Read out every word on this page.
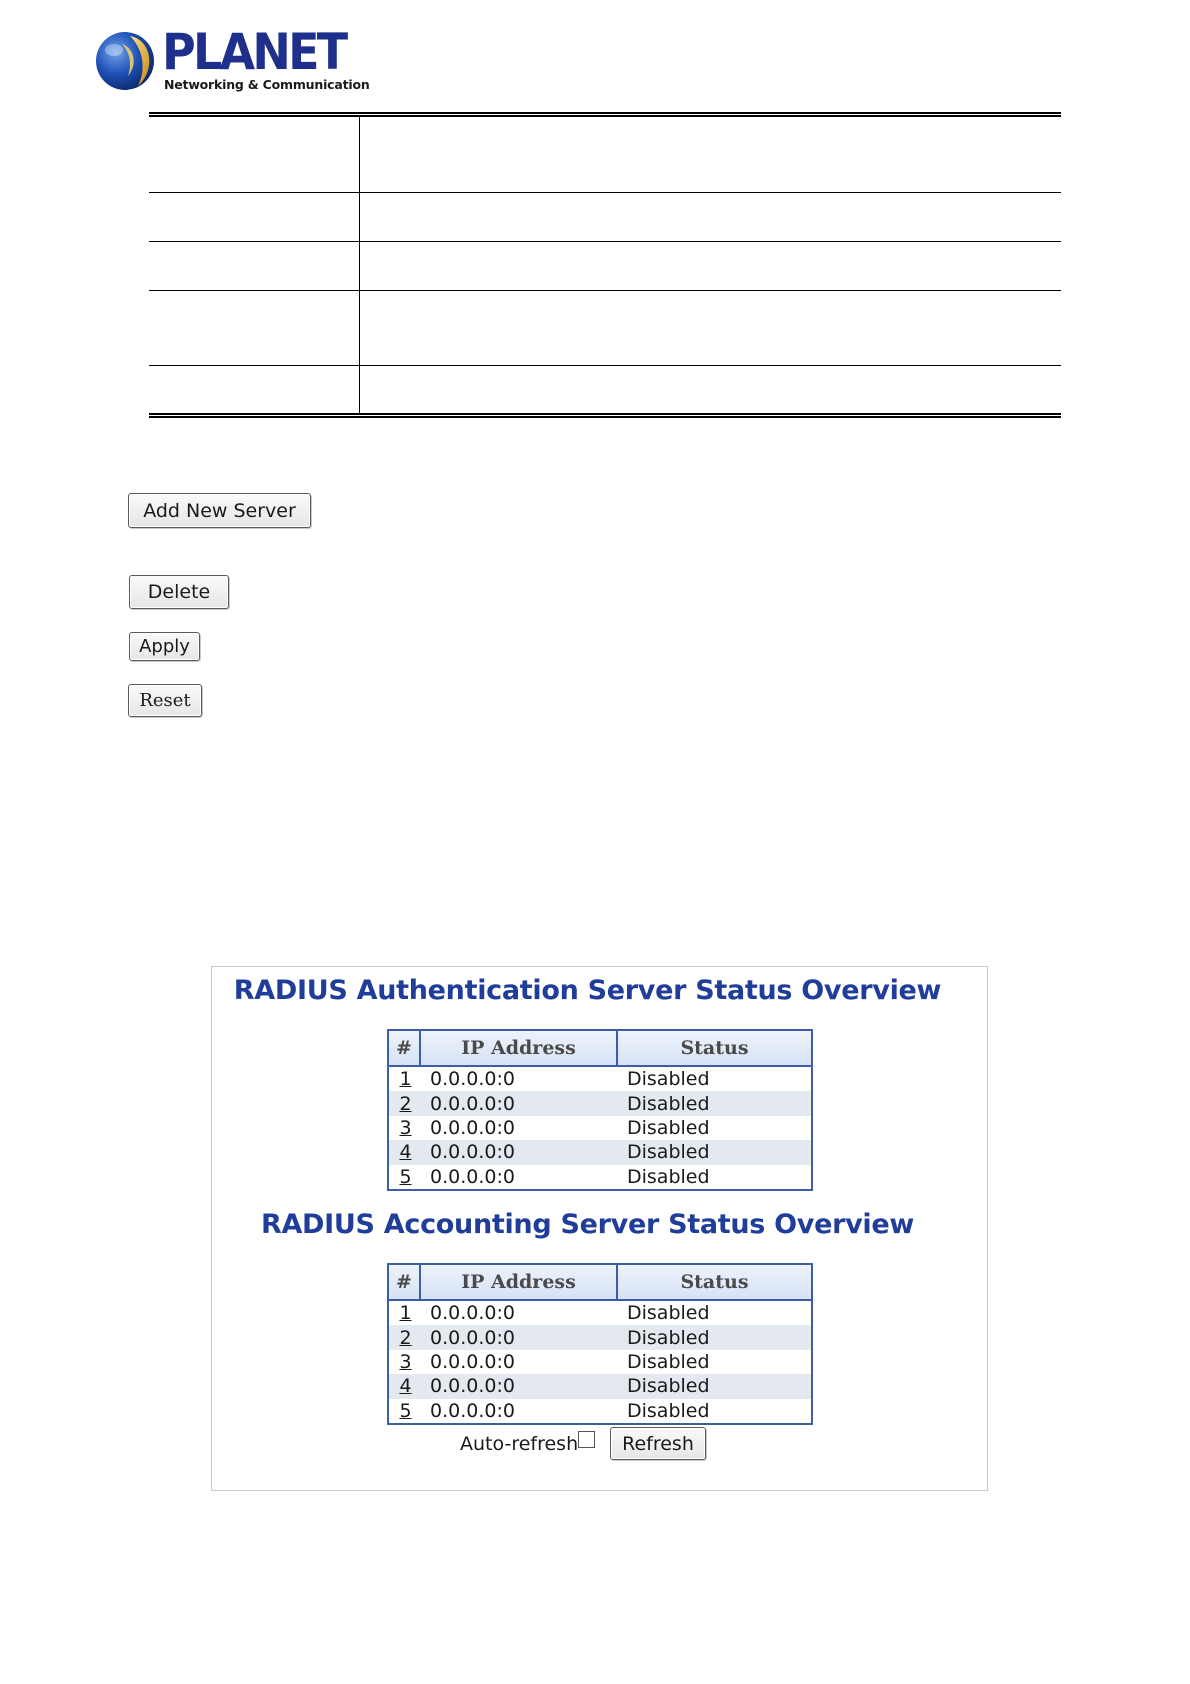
PLANET
Networking & Communication
Add New Server
Delete
Apply
Reset
RADIUS Authentication Server Status Overview
#	IP Address	Status
1	0.0.0.0:0	Disabled
2	0.0.0.0:0	Disabled
3	0.0.0.0:0	Disabled
4	0.0.0.0:0	Disabled
5	0.0.0.0:0	Disabled
RADIUS Accounting Server Status Overview
#	IP Address	Status
1	0.0.0.0:0	Disabled
2	0.0.0.0:0	Disabled
3	0.0.0.0:0	Disabled
4	0.0.0.0:0	Disabled
5	0.0.0.0:0	Disabled
Auto-refresh	Refresh
